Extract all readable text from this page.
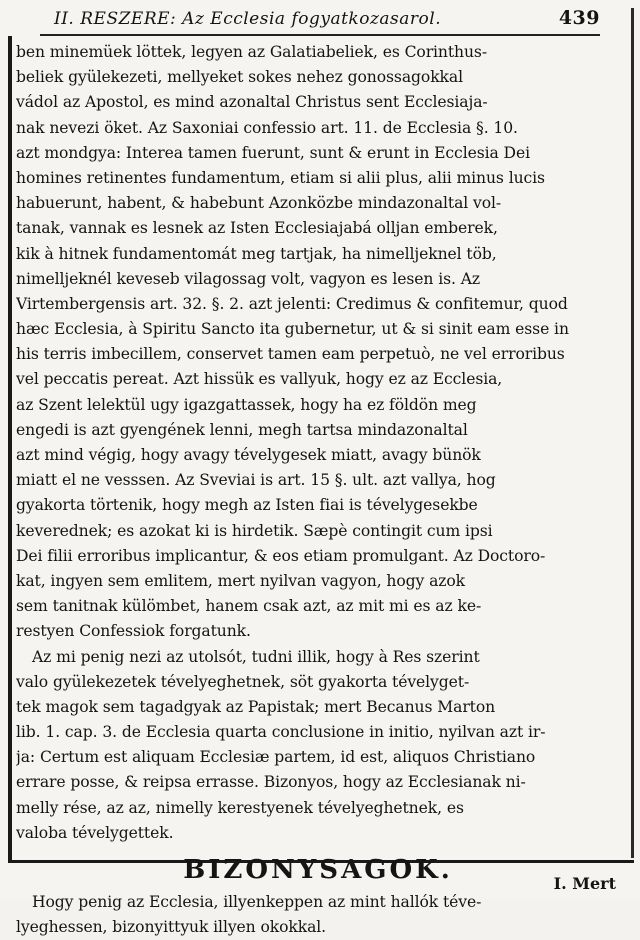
II. RESZERE: Az Ecclesia fogyatkozasarol.	439
ben minemüek löttek, legyen az Galatiabeliek, es Corinthus-
beliek gyülekezeti, mellyeket sokes nehez gonossagokkal
vádol az Apostol, es mind azonaltal Christus sent Ecclesiaja-
nak nevezi öket. Az Saxoniai confessio art. 11. de Ecclesia §. 10.
azt mondgya: Interea tamen fuerunt, sunt & erunt in Ecclesia Dei
homines retinentes fundamentum, etiam si alii plus, alii minus lucis
habuerunt, habent, & habebunt Azonközbe mindazonaltal vol-
tanak, vannak es lesnek az Isten Ecclesiajabá olljan emberek,
kik à hitnek fundamentomát meg tartjak, ha nimelljeknel töb,
nimelljeknél keveseb vilagossag volt, vagyon es lesen is. Az
Virtembergensis art. 32. §. 2. azt jelenti: Credimus & confitemur, quod
hæc Ecclesia, à Spiritu Sancto ita gubernetur, ut & si sinit eam esse in
his terris imbecillem, conservet tamen eam perpetuò, ne vel erroribus
vel peccatis pereat. Azt hissük es vallyuk, hogy ez az Ecclesia,
az Szent lelektül ugy igazgattassek, hogy ha ez földön meg
engedi is azt gyengének lenni, megh tartsa mindazonaltal
azt mind végig, hogy avagy tévelygesek miatt, avagy bünök
miatt el ne vesssen. Az Sveviai is art. 15 §. ult. azt vallya, hog
gyakorta törtenik, hogy megh az Isten fiai is tévelygesekbe
keverednek; es azokat ki is hirdetik. Sæpè contingit cum ipsi
Dei filii erroribus implicantur, & eos etiam promulgant. Az Doctoro-
kat, ingyen sem emlitem, mert nyilvan vagyon, hogy azok
sem tanitnak külömbet, hanem csak azt, az mit mi es az ke-
restyen Confessiok forgatunk.
Az mi penig nezi az utolsót, tudni illik, hogy à Res szerint
valo gyülekezetek tévelyeghetnek, söt gyakorta tévelyget-
tek magok sem tagadgyak az Papistak; mert Becanus Marton
lib. 1. cap. 3. de Ecclesia quarta conclusione in initio, nyilvan azt ir-
ja: Certum est aliquam Ecclesiæ partem, id est, aliquos Christiano
errare posse, & reipsa errasse. Bizonyos, hogy az Ecclesianak ni-
melly rése, az az, nimelly kerestyenek tévelyeghetnek, es
valoba tévelygettek.
BIZONYSAGOK.
Hogy penig az Ecclesia, illyenkeppen az mint hallók téve-
lyeghessen, bizonyittyuk illyen okokkal.
I. Mert
